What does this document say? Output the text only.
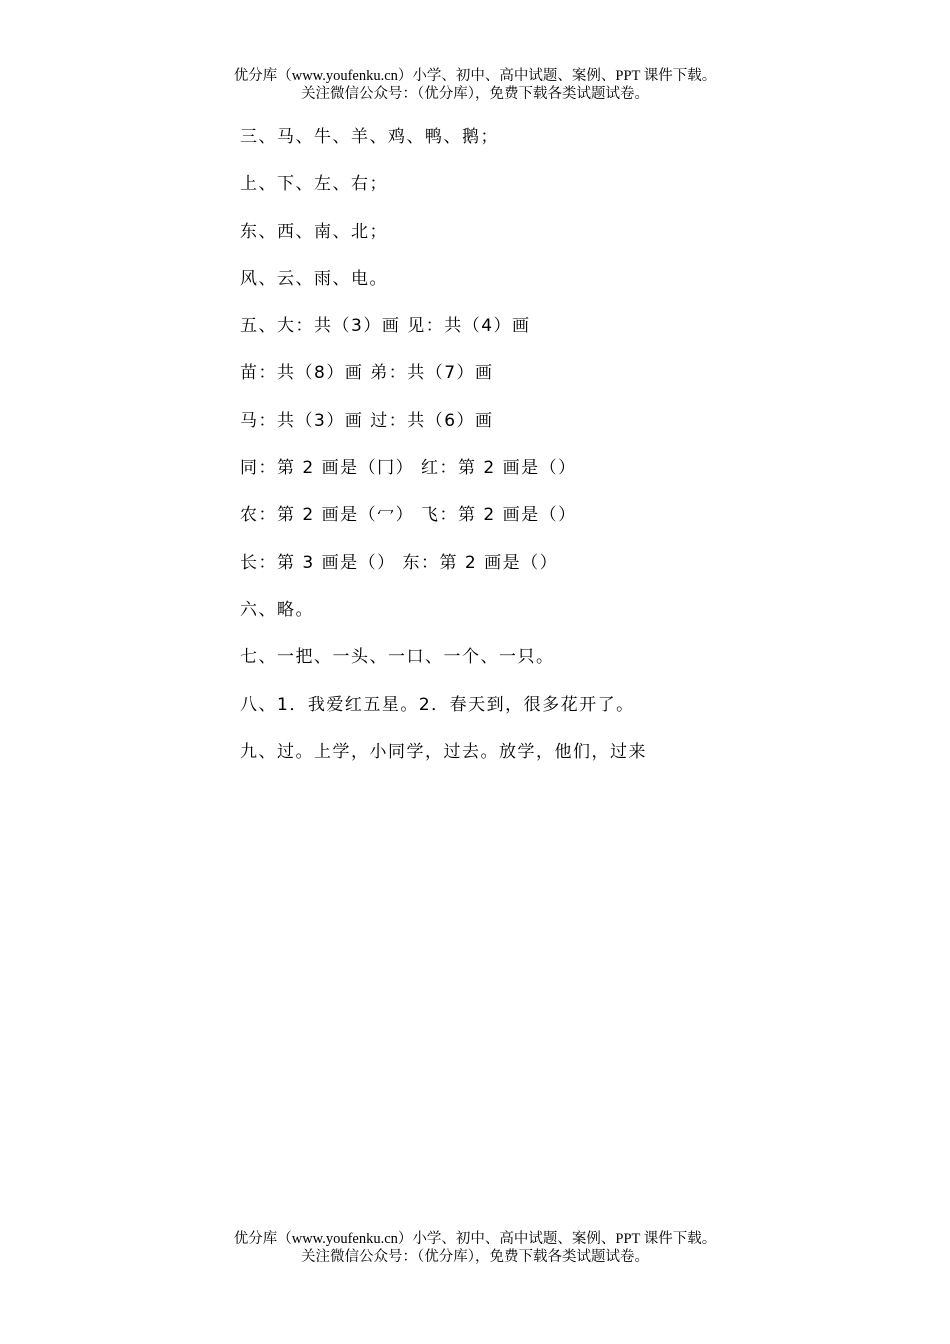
优分库（www.youfenku.cn）小学、初中、高中试题、案例、PPT 课件下载。
关注微信公众号：（优分库），免费下载各类试题试卷。
三、马、牛、羊、鸡、鸭、鹅；
上、下、左、右；
东、西、南、北；
风、云、雨、电。
五、大：共（3）画 见：共（4）画
苗：共（8）画 弟：共（7）画
马：共（3）画 过：共（6）画
同：第 2 画是（冂） 红：第 2 画是（）
农：第 2 画是（冖） 飞：第 2 画是（）
长：第 3 画是（） 东：第 2 画是（）
六、略。
七、一把、一头、一口、一个、一只。
八、1．我爱红五星。2．春天到，很多花开了。
九、过。上学，小同学，过去。放学，他们，过来
优分库（www.youfenku.cn）小学、初中、高中试题、案例、PPT 课件下载。
关注微信公众号：（优分库），免费下载各类试题试卷。
